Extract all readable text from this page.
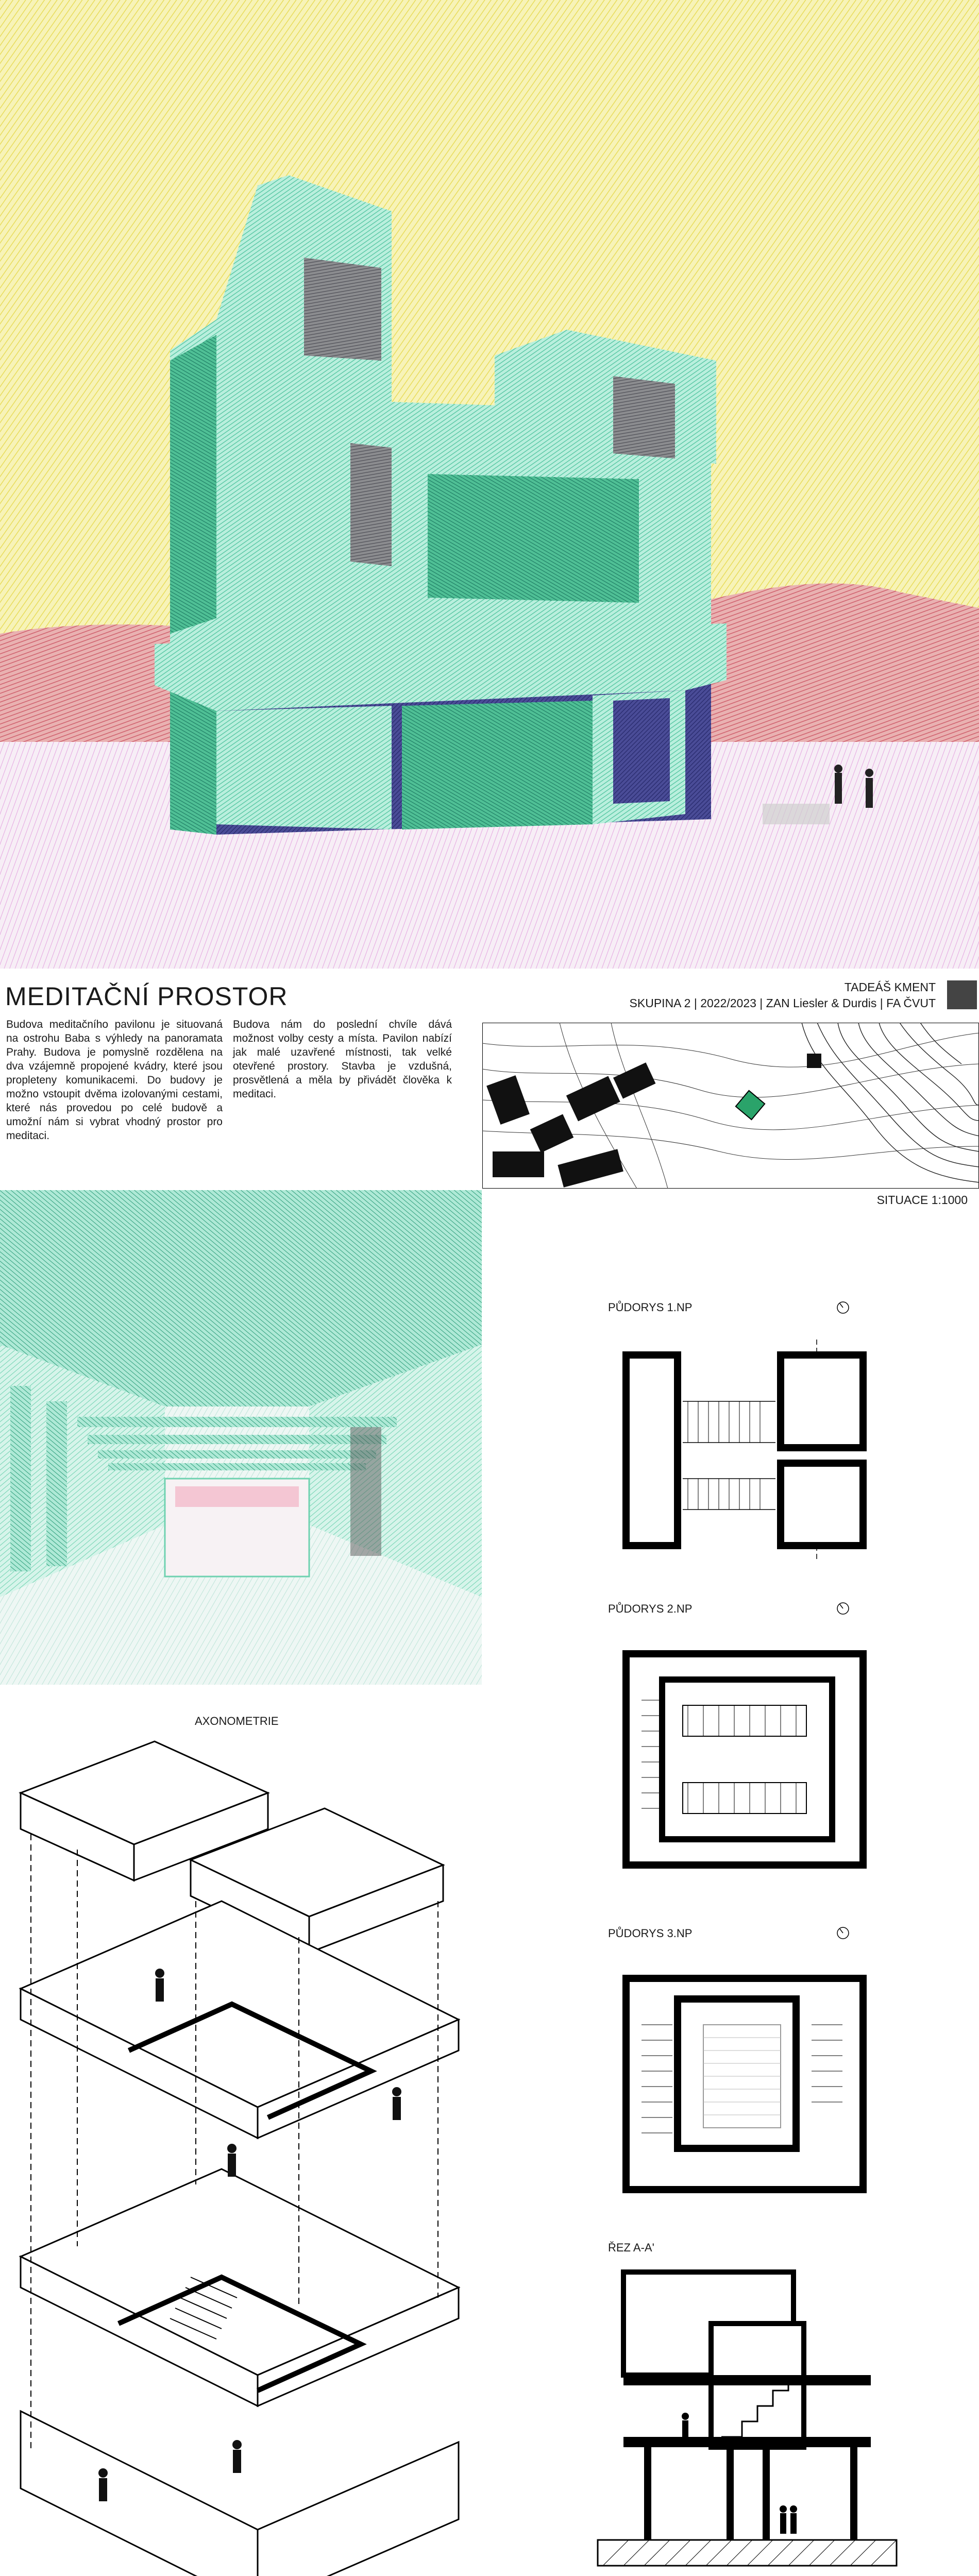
MEDITAČNÍ PROSTOR	TADEÁŠ KMENT
SKUPINA 2 | 2022/2023 | ZAN Liesler & Durdis | FA ČVUT
Budova meditačního pavilonu je situovaná na ostrohu Baba s výhledy na panoramata Prahy. Budova je pomyslně rozdělena na dva vzájemně propojené kvádry, které jsou propleteny komunikacemi. Do budovy je možno vstoupit dvěma izolovanými cestami, které nás provedou po celé budově a umožní nám si vybrat vhodný prostor pro meditaci.
Budova nám do poslední chvíle dává možnost volby cesty a místa. Pavilon nabízí jak malé uzavřené místnosti, tak velké otevřené prostory. Stavba je vzdušná, prosvětlená a měla by přivádět člověka k meditaci.
SITUACE 1:1000
AXONOMETRIE
PŮDORYS 1.NP
PŮDORYS 2.NP
PŮDORYS 3.NP
ŘEZ A-A'
